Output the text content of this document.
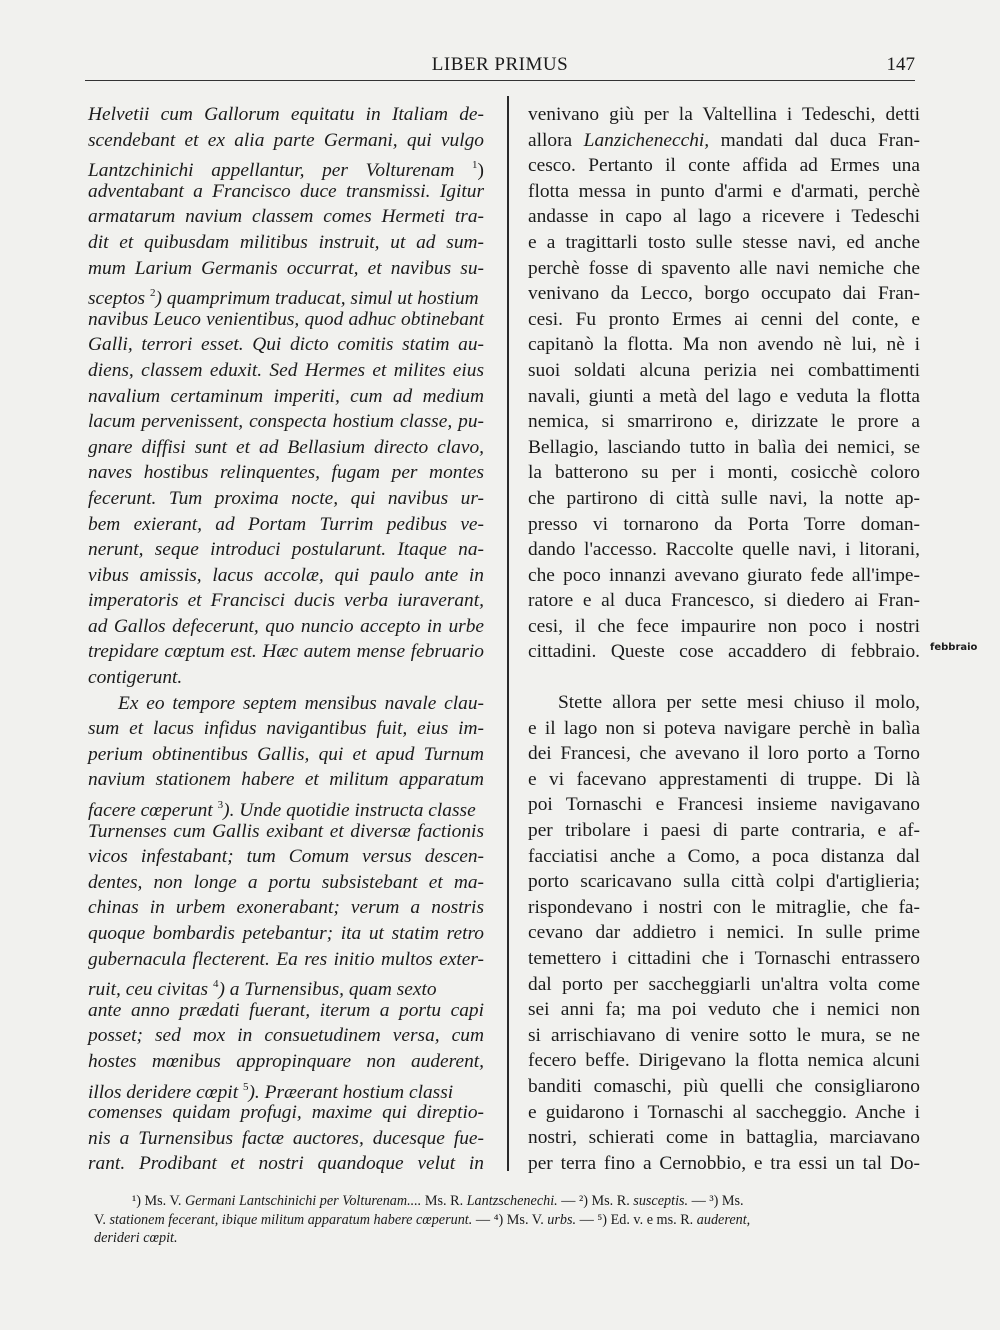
LIBER PRIMUS	147
Helvetii cum Gallorum equitatu in Italiam de-
scendebant et ex alia parte Germani, qui vulgo
Lantzchinichi appellantur, per Volturenam $^1$)
adventabant a Francisco duce transmissi. Igitur
armatarum navium classem comes Hermeti tra-
dit et quibusdam militibus instruit, ut ad sum-
mum Larium Germanis occurrat, et navibus su-
sceptos $^2$) quamprimum traducat, simul ut hostium
navibus Leuco venientibus, quod adhuc obtinebant
Galli, terrori esset. Qui dicto comitis statim au-
diens, classem eduxit. Sed Hermes et milites eius
navalium certaminum imperiti, cum ad medium
lacum pervenissent, conspecta hostium classe, pu-
gnare diffisi sunt et ad Bellasium directo clavo,
naves hostibus relinquentes, fugam per montes
fecerunt. Tum proxima nocte, qui navibus ur-
bem exierant, ad Portam Turrim pedibus ve-
nerunt, seque introduci postularunt. Itaque na-
vibus amissis, lacus accolæ, qui paulo ante in
imperatoris et Francisci ducis verba iuraverant,
ad Gallos defecerunt, quo nuncio accepto in urbe
trepidare cœptum est. Hæc autem mense februario
contigerunt.
Ex eo tempore septem mensibus navale clau-
sum et lacus infidus navigantibus fuit, eius im-
perium obtinentibus Gallis, qui et apud Turnum
navium stationem habere et militum apparatum
facere cœperunt $^3$). Unde quotidie instructa classe
Turnenses cum Gallis exibant et diversæ factionis
vicos infestabant; tum Comum versus descen-
dentes, non longe a portu subsistebant et ma-
chinas in urbem exonerabant; verum a nostris
quoque bombardis petebantur; ita ut statim retro
gubernacula flecterent. Ea res initio multos exter-
ruit, ceu civitas $^4$) a Turnensibus, quam sexto
ante anno prædati fuerant, iterum a portu capi
posset; sed mox in consuetudinem versa, cum
hostes mœnibus appropinquare non auderent,
illos deridere cœpit $^5$). Præerant hostium classi
comenses quidam profugi, maxime qui direptio-
nis a Turnensibus factæ auctores, ducesque fue-
rant. Prodibant et nostri quandoque velut in
venivano giù per la Valtellina i Tedeschi, detti
allora Lanzichenecchi, mandati dal duca Fran-
cesco. Pertanto il conte affida ad Ermes una
flotta messa in punto d'armi e d'armati, perchè
andasse in capo al lago a ricevere i Tedeschi
e a tragittarli tosto sulle stesse navi, ed anche
perchè fosse di spavento alle navi nemiche che
venivano da Lecco, borgo occupato dai Fran-
cesi. Fu pronto Ermes ai cenni del conte, e
capitanò la flotta. Ma non avendo nè lui, nè i
suoi soldati alcuna perizia nei combattimenti
navali, giunti a metà del lago e veduta la flotta
nemica, si smarrirono e, dirizzate le prore a
Bellagio, lasciando tutto in balìa dei nemici, se
la batterono su per i monti, cosicchè coloro
che partirono di città sulle navi, la notte ap-
presso vi tornarono da Porta Torre doman-
dando l'accesso. Raccolte quelle navi, i litorani,
che poco innanzi avevano giurato fede all'impe-
ratore e al duca Francesco, si diedero ai Fran-
cesi, il che fece impaurire non poco i nostri
cittadini. Queste cose accaddero di febbraio.
Stette allora per sette mesi chiuso il molo,
e il lago non si poteva navigare perchè in balìa
dei Francesi, che avevano il loro porto a Torno
e vi facevano apprestamenti di truppe. Di là
poi Tornaschi e Francesi insieme navigavano
per tribolare i paesi di parte contraria, e af-
facciatisi anche a Como, a poca distanza dal
porto scaricavano sulla città colpi d'artiglieria;
rispondevano i nostri con le mitraglie, che fa-
cevano dar addietro i nemici. In sulle prime
temettero i cittadini che i Tornaschi entrassero
dal porto per saccheggiarli un'altra volta come
sei anni fa; ma poi veduto che i nemici non
si arrischiavano di venire sotto le mura, se ne
fecero beffe. Dirigevano la flotta nemica alcuni
banditi comaschi, più quelli che consigliarono
e guidarono i Tornaschi al saccheggio. Anche i
nostri, schierati come in battaglia, marciavano
per terra fino a Cernobbio, e tra essi un tal Do-
febbraio
¹) Ms. V. Germani Lantschinichi per Volturenam.... Ms. R. Lantzschenechi. — ²) Ms. R. susceptis. — ³) Ms.
V. stationem fecerant, ibique militum apparatum habere cœperunt. — ⁴) Ms. V. urbs. — ⁵) Ed. v. e ms. R. auderent,
derideri cœpit.
